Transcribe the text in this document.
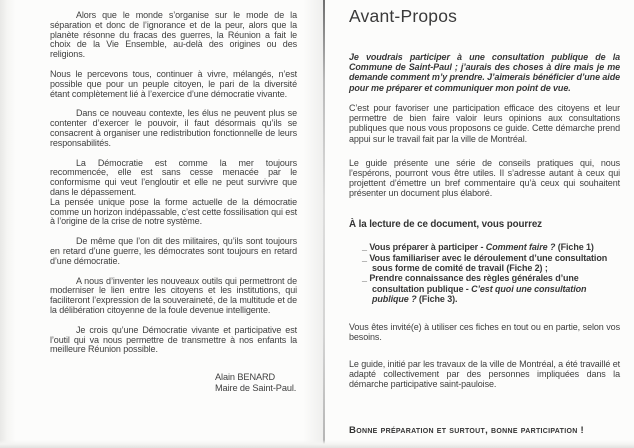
Alors que le monde s’organise sur le mode de la séparation et donc de l’ignorance et de la peur, alors que la planète résonne du fracas des guerres, la Réunion a fait le choix de la Vie Ensemble, au-delà des origines ou des religions.

Nous le percevons tous, continuer à vivre, mélangés, n’est possible que pour un peuple citoyen, le pari de la diversité étant complètement lié à l’exercice d’une démocratie vivante.

Dans ce nouveau contexte, les élus ne peuvent plus se contenter d’exercer le pouvoir, il faut désormais qu’ils se consacrent à organiser une redistribution fonctionnelle de leurs responsabilités.

La Démocratie est comme la mer toujours recommencée, elle est sans cesse menacée par le conformisme qui veut l’engloutir et elle ne peut survivre que dans le dépassement.

La pensée unique pose la forme actuelle de la démocratie comme un horizon indépassable, c’est cette fossilisation qui est à l’origine de la crise de notre système.

De même que l’on dit des militaires, qu’ils sont toujours en retard d’une guerre, les démocrates sont toujours en retard d’une démocratie.

A nous d’inventer les nouveaux outils qui permettront de moderniser le lien entre les citoyens et les institutions, qui faciliteront l’expression de la souveraineté, de la multitude et de la délibération citoyenne de la foule devenue intelligente.

Je crois qu’une Démocratie vivante et participative est l’outil qui va nous permettre de transmettre à nos enfants la meilleure Réunion possible.

Alain BENARD
Maire de Saint-Paul.
Avant-Propos

Je voudrais participer à une consultation publique de la Commune de Saint-Paul ; j’aurais des choses à dire mais je me demande comment m’y prendre. J’aimerais bénéficier d’une aide pour me préparer et communiquer mon point de vue.

C’est pour favoriser une participation efficace des citoyens et leur permettre de bien faire valoir leurs opinions aux consultations publiques que nous vous proposons ce guide. Cette démarche prend appui sur le travail fait par la ville de Montréal.

Le guide présente une série de conseils pratiques qui, nous l’espérons, pourront vous être utiles. Il s’adresse autant à ceux qui projettent d’émettre un bref commentaire qu’à ceux qui souhaitent présenter un document plus élaboré.

À la lecture de ce document, vous pourrez
_ Vous préparer à participer - Comment faire ? (Fiche 1)
_ Vous familiariser avec le déroulement d’une consultation sous forme de comité de travail (Fiche 2) ;
_ Prendre connaissance des règles générales d’une consultation publique - C’est quoi une consultation publique ? (Fiche 3).

Vous êtes invité(e) à utiliser ces fiches en tout ou en partie, selon vos besoins.

Le guide, initié par les travaux de la ville de Montréal, a été travaillé et adapté collectivement par des personnes impliquées dans la démarche participative saint-pauloise.

Bonne préparation et surtout, bonne participation !
